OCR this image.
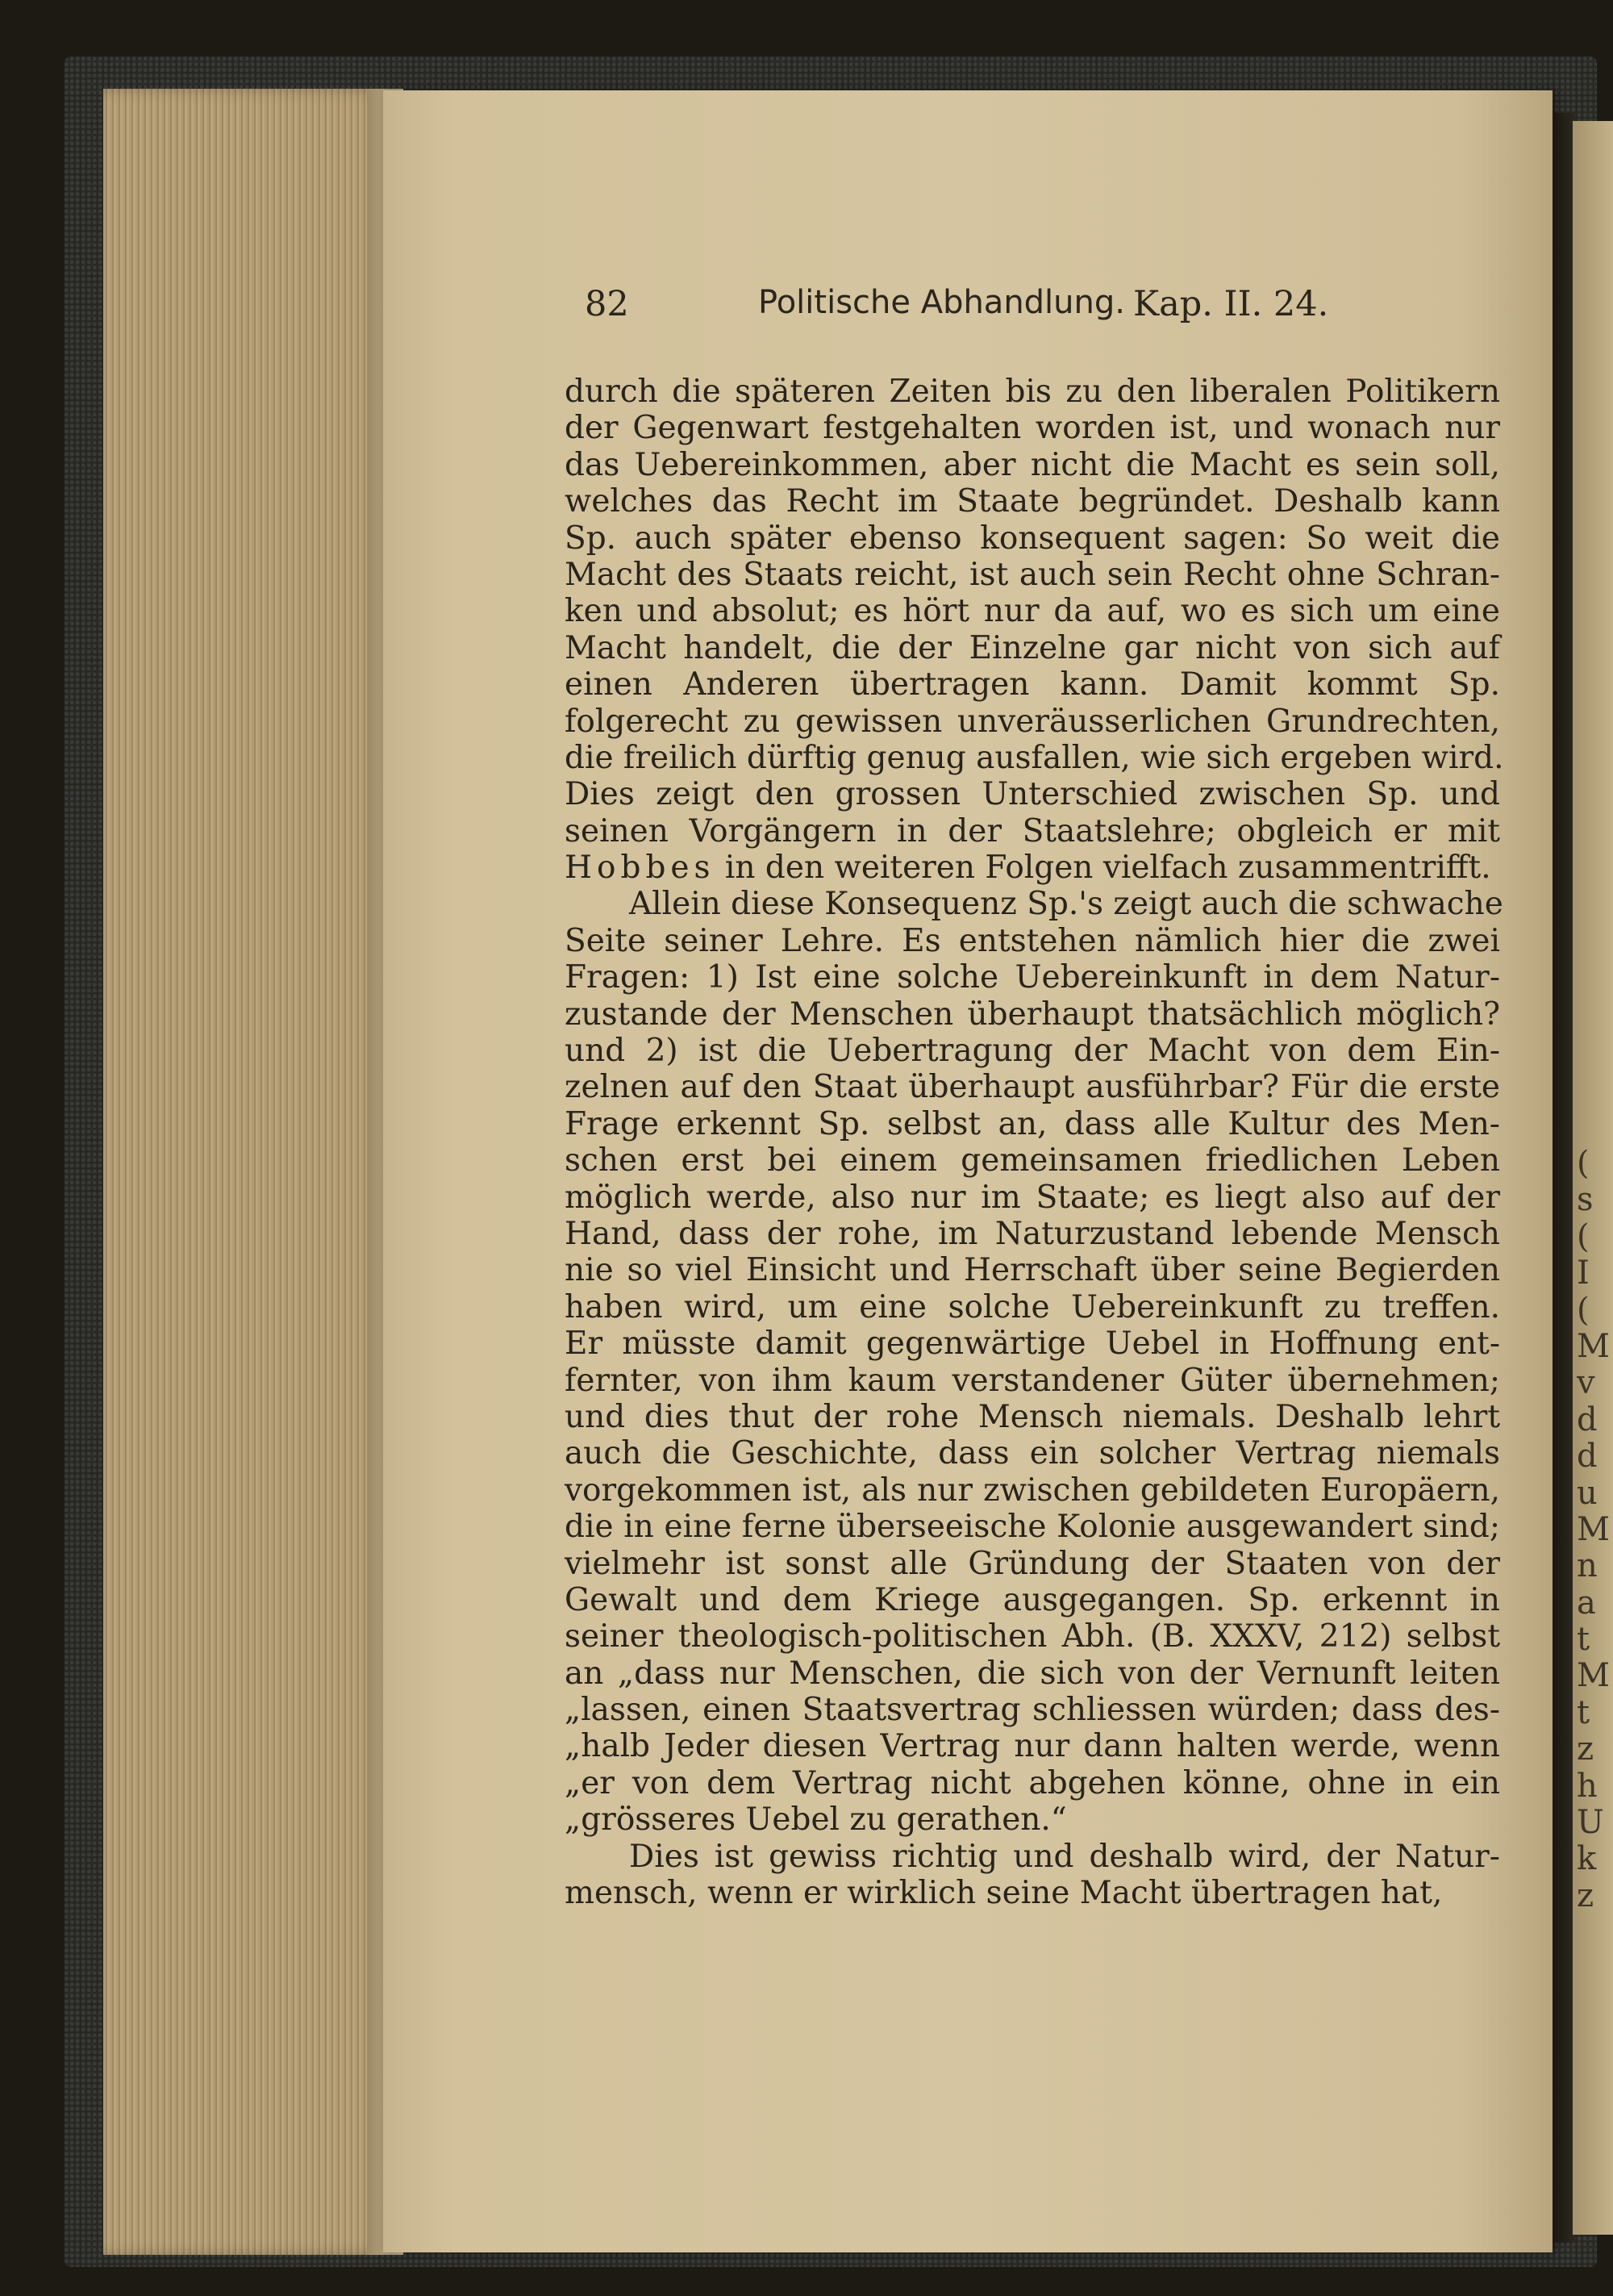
(
s
(
I
(
M
v
d
d
u
M
n
a
t
M
t
z
h
U
k
z
82	Politische Abhandlung. Kap. II. 24.
durch die späteren Zeiten bis zu den liberalen Politikern
der Gegenwart festgehalten worden ist, und wonach nur
das Uebereinkommen, aber nicht die Macht es sein soll,
welches das Recht im Staate begründet. Deshalb kann
Sp. auch später ebenso konsequent sagen: So weit die
Macht des Staats reicht, ist auch sein Recht ohne Schran-
ken und absolut; es hört nur da auf, wo es sich um eine
Macht handelt, die der Einzelne gar nicht von sich auf
einen Anderen übertragen kann. Damit kommt Sp.
folgerecht zu gewissen unveräusserlichen Grundrechten,
die freilich dürftig genug ausfallen, wie sich ergeben wird.
Dies zeigt den grossen Unterschied zwischen Sp. und
seinen Vorgängern in der Staatslehre; obgleich er mit
Hobbes in den weiteren Folgen vielfach zusammentrifft.
Allein diese Konsequenz Sp.'s zeigt auch die schwache
Seite seiner Lehre. Es entstehen nämlich hier die zwei
Fragen: 1) Ist eine solche Uebereinkunft in dem Natur-
zustande der Menschen überhaupt thatsächlich möglich?
und 2) ist die Uebertragung der Macht von dem Ein-
zelnen auf den Staat überhaupt ausführbar? Für die erste
Frage erkennt Sp. selbst an, dass alle Kultur des Men-
schen erst bei einem gemeinsamen friedlichen Leben
möglich werde, also nur im Staate; es liegt also auf der
Hand, dass der rohe, im Naturzustand lebende Mensch
nie so viel Einsicht und Herrschaft über seine Begierden
haben wird, um eine solche Uebereinkunft zu treffen.
Er müsste damit gegenwärtige Uebel in Hoffnung ent-
fernter, von ihm kaum verstandener Güter übernehmen;
und dies thut der rohe Mensch niemals. Deshalb lehrt
auch die Geschichte, dass ein solcher Vertrag niemals
vorgekommen ist, als nur zwischen gebildeten Europäern,
die in eine ferne überseeische Kolonie ausgewandert sind;
vielmehr ist sonst alle Gründung der Staaten von der
Gewalt und dem Kriege ausgegangen. Sp. erkennt in
seiner theologisch-politischen Abh. (B. XXXV, 212) selbst
an „dass nur Menschen, die sich von der Vernunft leiten
„lassen, einen Staatsvertrag schliessen würden; dass des-
„halb Jeder diesen Vertrag nur dann halten werde, wenn
„er von dem Vertrag nicht abgehen könne, ohne in ein
„grösseres Uebel zu gerathen.“
Dies ist gewiss richtig und deshalb wird, der Natur-
mensch, wenn er wirklich seine Macht übertragen hat,
